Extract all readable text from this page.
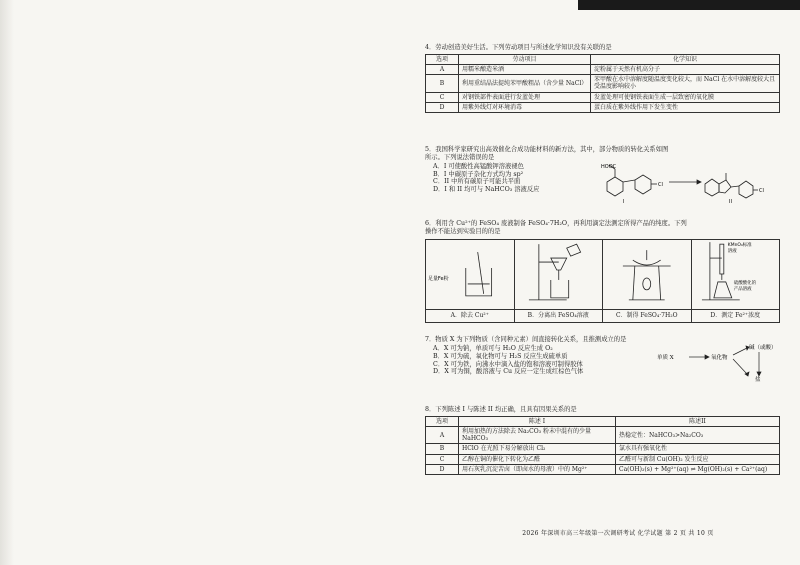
4．劳动创造美好生活。下列劳动项目与所述化学知识没有关联的是

选项	劳动项目	化学知识
A	用糯米酿造米酒	淀粉属于天然有机高分子
B	利用重结晶法提纯苯甲酸粗品（含少量 NaCl）	苯甲酸在水中溶解度随温度变化较大，而 NaCl 在水中溶解度较大且受温度影响较小
C	对钢铁部件表面进行发蓝处理	发蓝处理可使钢铁表面生成一层致密的氧化膜
D	用紫外线灯对环境消毒	蛋白质在紫外线作用下发生变性

5．我国科学家研究出高效催化合成功能材料的新方法，其中，部分物质的转化关系如图

所示。下列说法错误的是

A．I 可使酸性高锰酸钾溶液褪色

B．I 中碳原子杂化方式均为 sp²

C．II 中所有碳原子可能共平面

D．I 和 II 均可与 NaHCO₃ 溶液反应

HOOC
Cl
Cl
I	II

6．利用含 Cu²⁺的 FeSO₄ 废液制备 FeSO₄·7H₂O，再利用滴定法测定所得产品的纯度。下列

操作不能达到实验目的的是

足量Fe粉
A．除去 Cu²⁺	B．分离出 FeSO₄溶液	C．制得 FeSO₄·7H₂O
KMnO₄标准
溶液
硫酸酸化的
产品溶液
D．测定 Fe²⁺浓度

7．物质 X 为下列物质（含同种元素）间直接转化关系，且推测成立的是

A．X 可为钠，单质可与 H₂O 反应生成 O₂

B．X 可为硫，氧化物可与 H₂S 反应生成硫单质

C．X 可为铁，向沸水中滴入盐的饱和溶液可制得胶体

D．X 可为铜，酸溶液与 Cu 反应一定生成红棕色气体

单质 X	氧化物
碱（或酸）
盐

8．下列陈述 I 与陈述 II 均正确，且具有因果关系的是

选项	陈述 I	陈述II
A	利用加热的方法除去 Na₂CO₃ 粉末中混有的少量 NaHCO₃	热稳定性：NaHCO₃>Na₂CO₃
B	HClO 在光照下易分解放出 Cl₂	氯水具有强氧化性
C	乙醇在铜的催化下转化为乙醛	乙醛可与新制 Cu(OH)₂ 发生反应
D	用石灰乳沉淀苦卤（即卤水的母液）中的 Mg²⁺	Ca(OH)₂(s) + Mg²⁺(aq) ⇌ Mg(OH)₂(s) + Ca²⁺(aq)
2026 年深圳市高三年级第一次调研考试 化学试题 第 2 页 共 10 页
